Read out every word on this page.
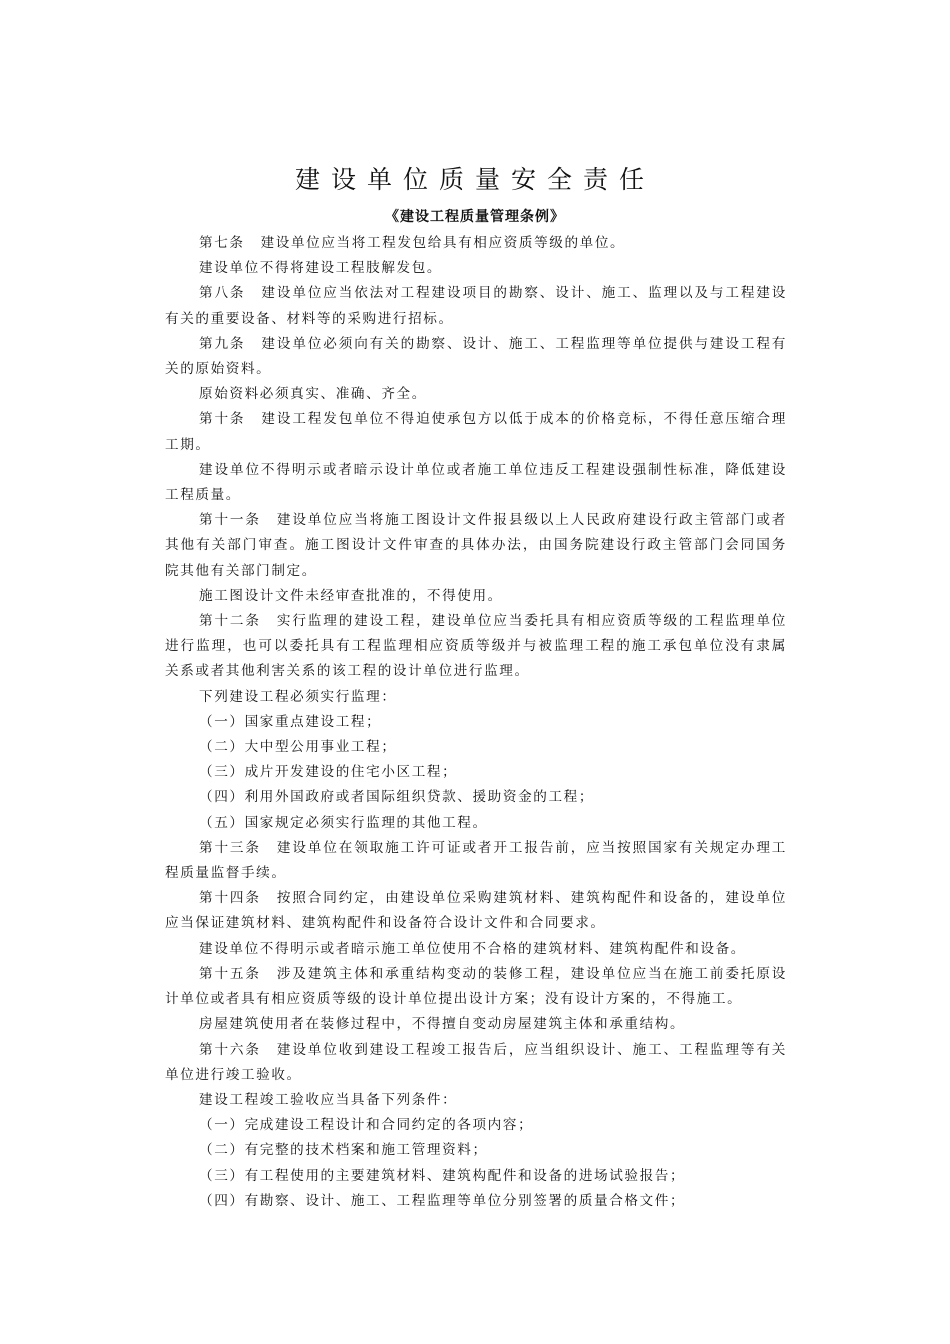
建设单位质量安全责任
《建设工程质量管理条例》

第七条 建设单位应当将工程发包给具有相应资质等级的单位。

建设单位不得将建设工程肢解发包。

第八条 建设单位应当依法对工程建设项目的勘察、设计、施工、监理以及与工程建设有关的重要设备、材料等的采购进行招标。

第九条 建设单位必须向有关的勘察、设计、施工、工程监理等单位提供与建设工程有关的原始资料。

原始资料必须真实、准确、齐全。

第十条 建设工程发包单位不得迫使承包方以低于成本的价格竞标，不得任意压缩合理工期。

建设单位不得明示或者暗示设计单位或者施工单位违反工程建设强制性标准，降低建设工程质量。

第十一条 建设单位应当将施工图设计文件报县级以上人民政府建设行政主管部门或者其他有关部门审查。施工图设计文件审查的具体办法，由国务院建设行政主管部门会同国务院其他有关部门制定。

施工图设计文件未经审查批准的，不得使用。

第十二条 实行监理的建设工程，建设单位应当委托具有相应资质等级的工程监理单位进行监理，也可以委托具有工程监理相应资质等级并与被监理工程的施工承包单位没有隶属关系或者其他利害关系的该工程的设计单位进行监理。

下列建设工程必须实行监理：

（一）国家重点建设工程；

（二）大中型公用事业工程；

（三）成片开发建设的住宅小区工程；

（四）利用外国政府或者国际组织贷款、援助资金的工程；

（五）国家规定必须实行监理的其他工程。

第十三条 建设单位在领取施工许可证或者开工报告前，应当按照国家有关规定办理工程质量监督手续。

第十四条 按照合同约定，由建设单位采购建筑材料、建筑构配件和设备的，建设单位应当保证建筑材料、建筑构配件和设备符合设计文件和合同要求。

建设单位不得明示或者暗示施工单位使用不合格的建筑材料、建筑构配件和设备。

第十五条 涉及建筑主体和承重结构变动的装修工程，建设单位应当在施工前委托原设计单位或者具有相应资质等级的设计单位提出设计方案；没有设计方案的，不得施工。

房屋建筑使用者在装修过程中，不得擅自变动房屋建筑主体和承重结构。

第十六条 建设单位收到建设工程竣工报告后，应当组织设计、施工、工程监理等有关单位进行竣工验收。

建设工程竣工验收应当具备下列条件：

（一）完成建设工程设计和合同约定的各项内容；

（二）有完整的技术档案和施工管理资料；

（三）有工程使用的主要建筑材料、建筑构配件和设备的进场试验报告；

（四）有勘察、设计、施工、工程监理等单位分别签署的质量合格文件；
